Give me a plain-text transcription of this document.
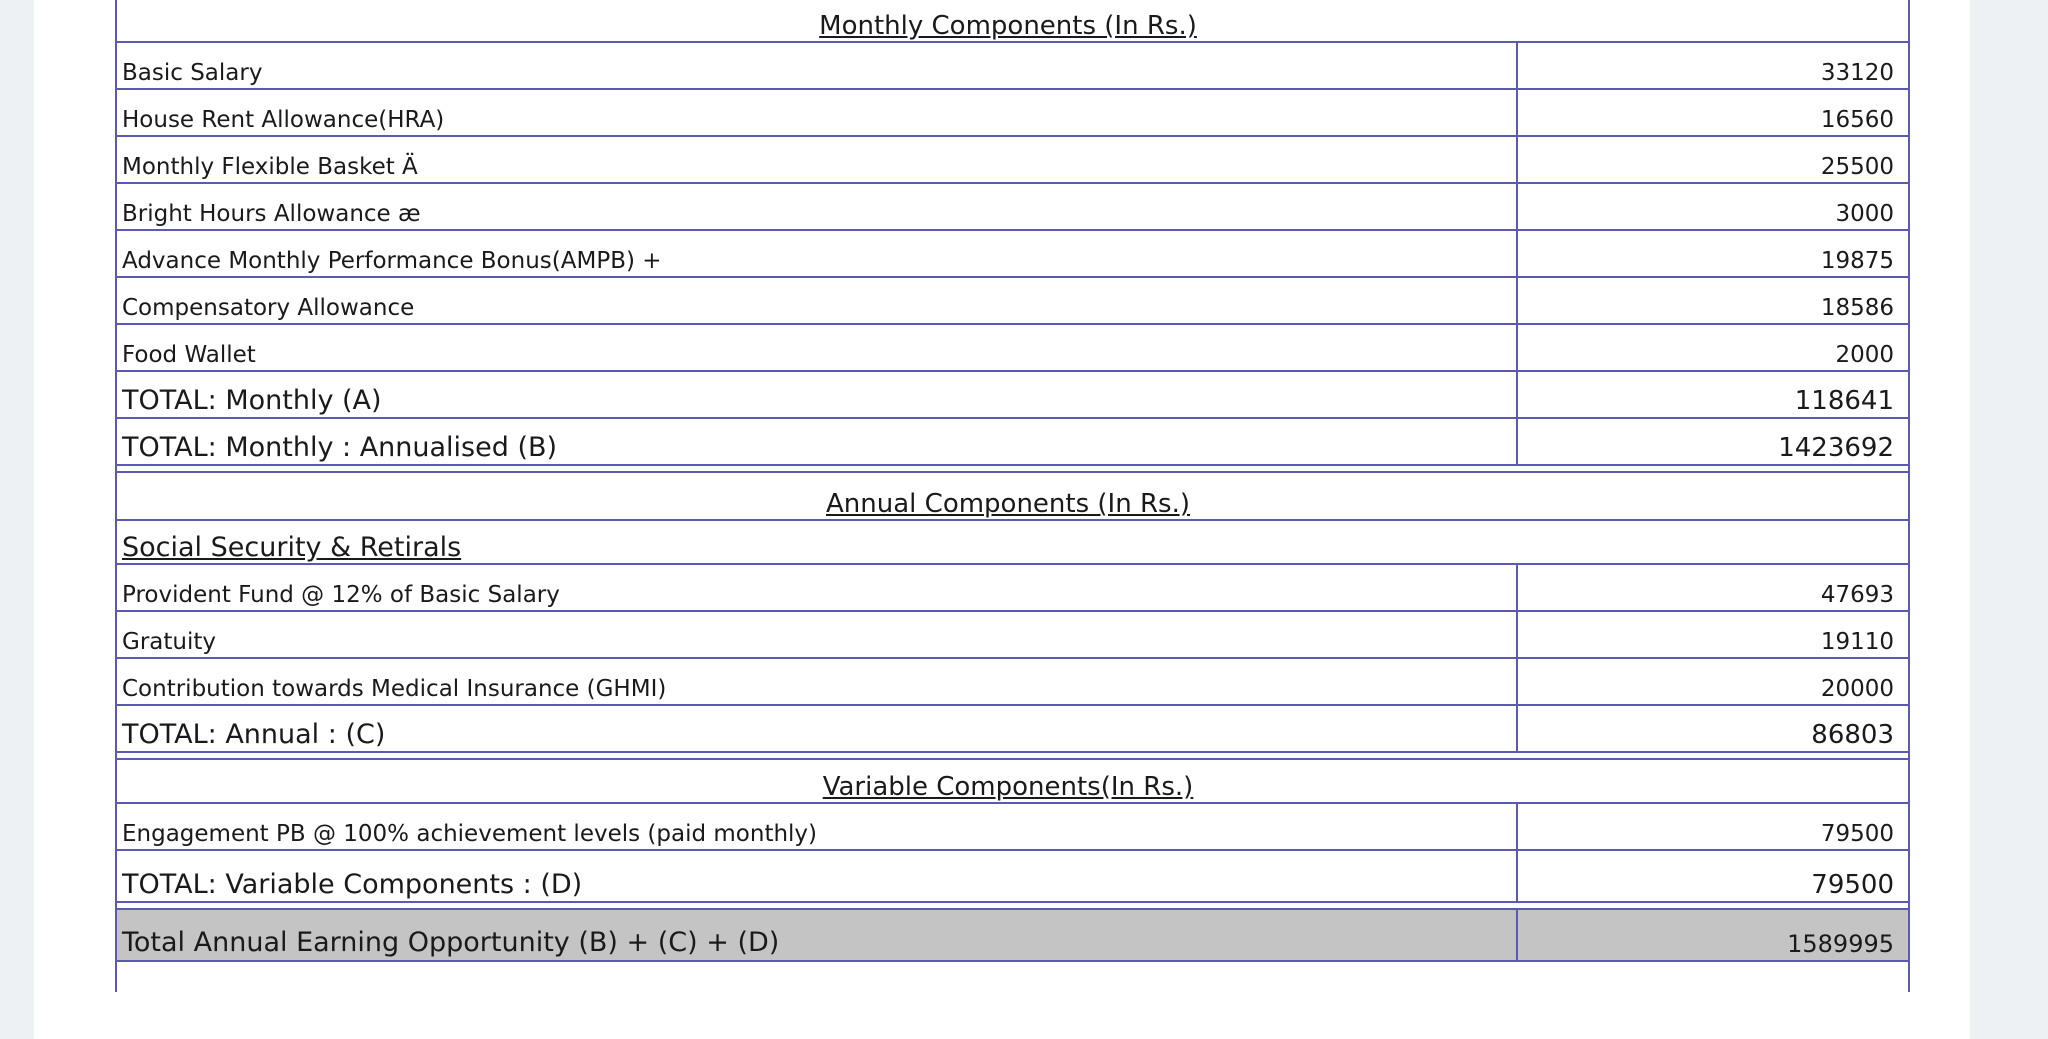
Monthly Components (In Rs.)	
Basic Salary	33120
House Rent Allowance(HRA)	16560
Monthly Flexible Basket Ä	25500
Bright Hours Allowance æ	3000
Advance Monthly Performance Bonus(AMPB) +	19875
Compensatory Allowance	18586
Food Wallet	2000
TOTAL: Monthly (A)	118641
TOTAL: Monthly : Annualised (B)	1423692

Annual Components (In Rs.)	
Social Security & Retirals	
Provident Fund @ 12% of Basic Salary	47693
Gratuity	19110
Contribution towards Medical Insurance (GHMI)	20000
TOTAL: Annual : (C)	86803

Variable Components(In Rs.)	
Engagement PB @ 100% achievement levels (paid monthly)	79500
TOTAL: Variable Components : (D)	79500

Total Annual Earning Opportunity (B) + (C) + (D)	1589995
